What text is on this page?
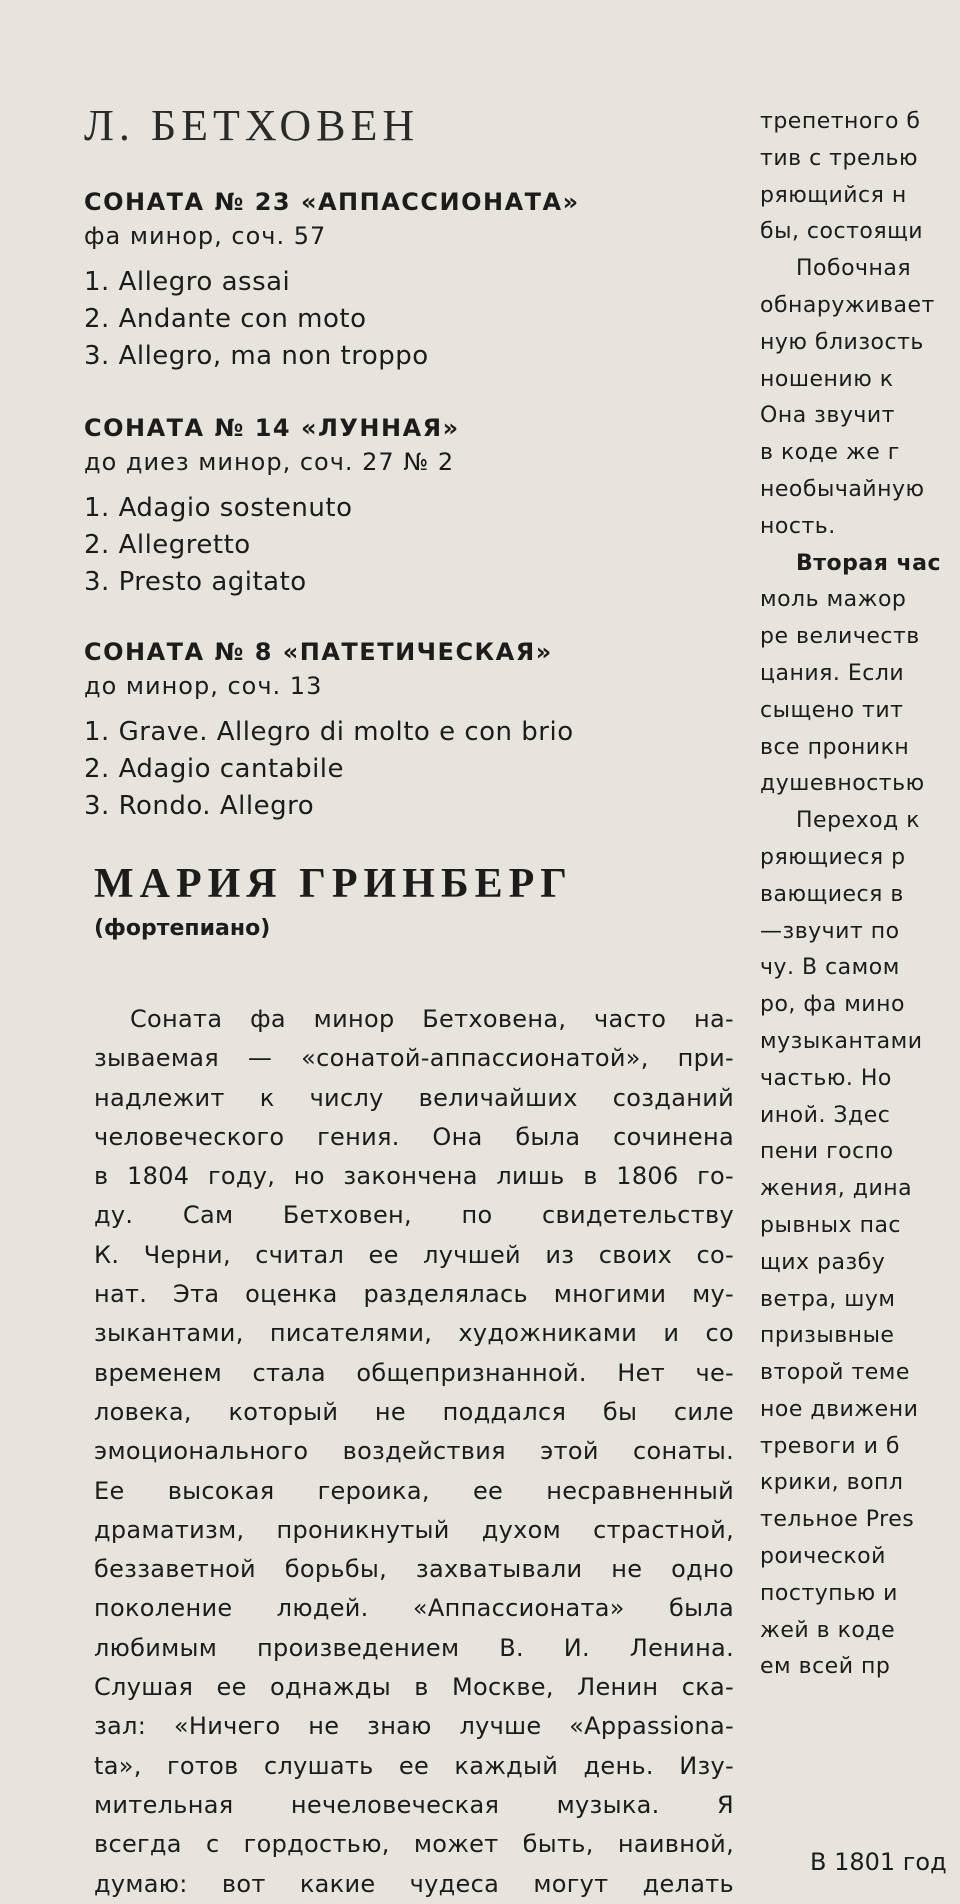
Л. БЕТХОВЕН
СОНАТА № 23 «АППАССИОНАТА»
фа минор, соч. 57
1. Allegro assai
2. Andante con moto
3. Allegro, ma non troppo
СОНАТА № 14 «ЛУННАЯ»
до диез минор, соч. 27 № 2
1. Adagio sostenuto
2. Allegretto
3. Presto agitato
СОНАТА № 8 «ПАТЕТИЧЕСКАЯ»
до минор, соч. 13
1. Grave. Allegro di molto e con brio
2. Adagio cantabile
3. Rondo. Allegro
МАРИЯ ГРИНБЕРГ
(фортепиано)
Соната фа минор Бетховена, часто на-
зываемая — «сонатой-аппассионатой», при-
надлежит к числу величайших созданий
человеческого гения. Она была сочинена
в 1804 году, но закончена лишь в 1806 го-
ду. Сам Бетховен, по свидетельству
К. Черни, считал ее лучшей из своих со-
нат. Эта оценка разделялась многими му-
зыкантами, писателями, художниками и со
временем стала общепризнанной. Нет че-
ловека, который не поддался бы силе
эмоционального воздействия этой сонаты.
Ее высокая героика, ее несравненный
драматизм, проникнутый духом страстной,
беззаветной борьбы, захватывали не одно
поколение людей. «Аппассионата» была
любимым произведением В. И. Ленина.
Слушая ее однажды в Москве, Ленин ска-
зал: «Ничего не знаю лучше «Appassiona-
ta», готов слушать ее каждый день. Изу-
мительная нечеловеческая музыка. Я
всегда с гордостью, может быть, наивной,
думаю: вот какие чудеса могут делать
трепетного б
тив с трелью
ряющийся н
бы, состоящи
Побочная
обнаруживает
ную близость
ношению к
Она звучит
в коде же г
необычайную
ность.
Вторая час
моль мажор
ре величеств
цания. Если
сыщено тит
все проникн
душевностью
Переход к
ряющиеся р
вающиеся в
—звучит по
чу. В самом
ро, фа мино
музыкантами
частью. Но
иной. Здес
пени госпо
жения, дина
рывных пас
щих разбу
ветра, шум
призывные
второй теме
ное движени
тревоги и б
крики, вопл
тельное Pres
роической
поступью и
жей в коде
ем всей пр
В 1801 год
